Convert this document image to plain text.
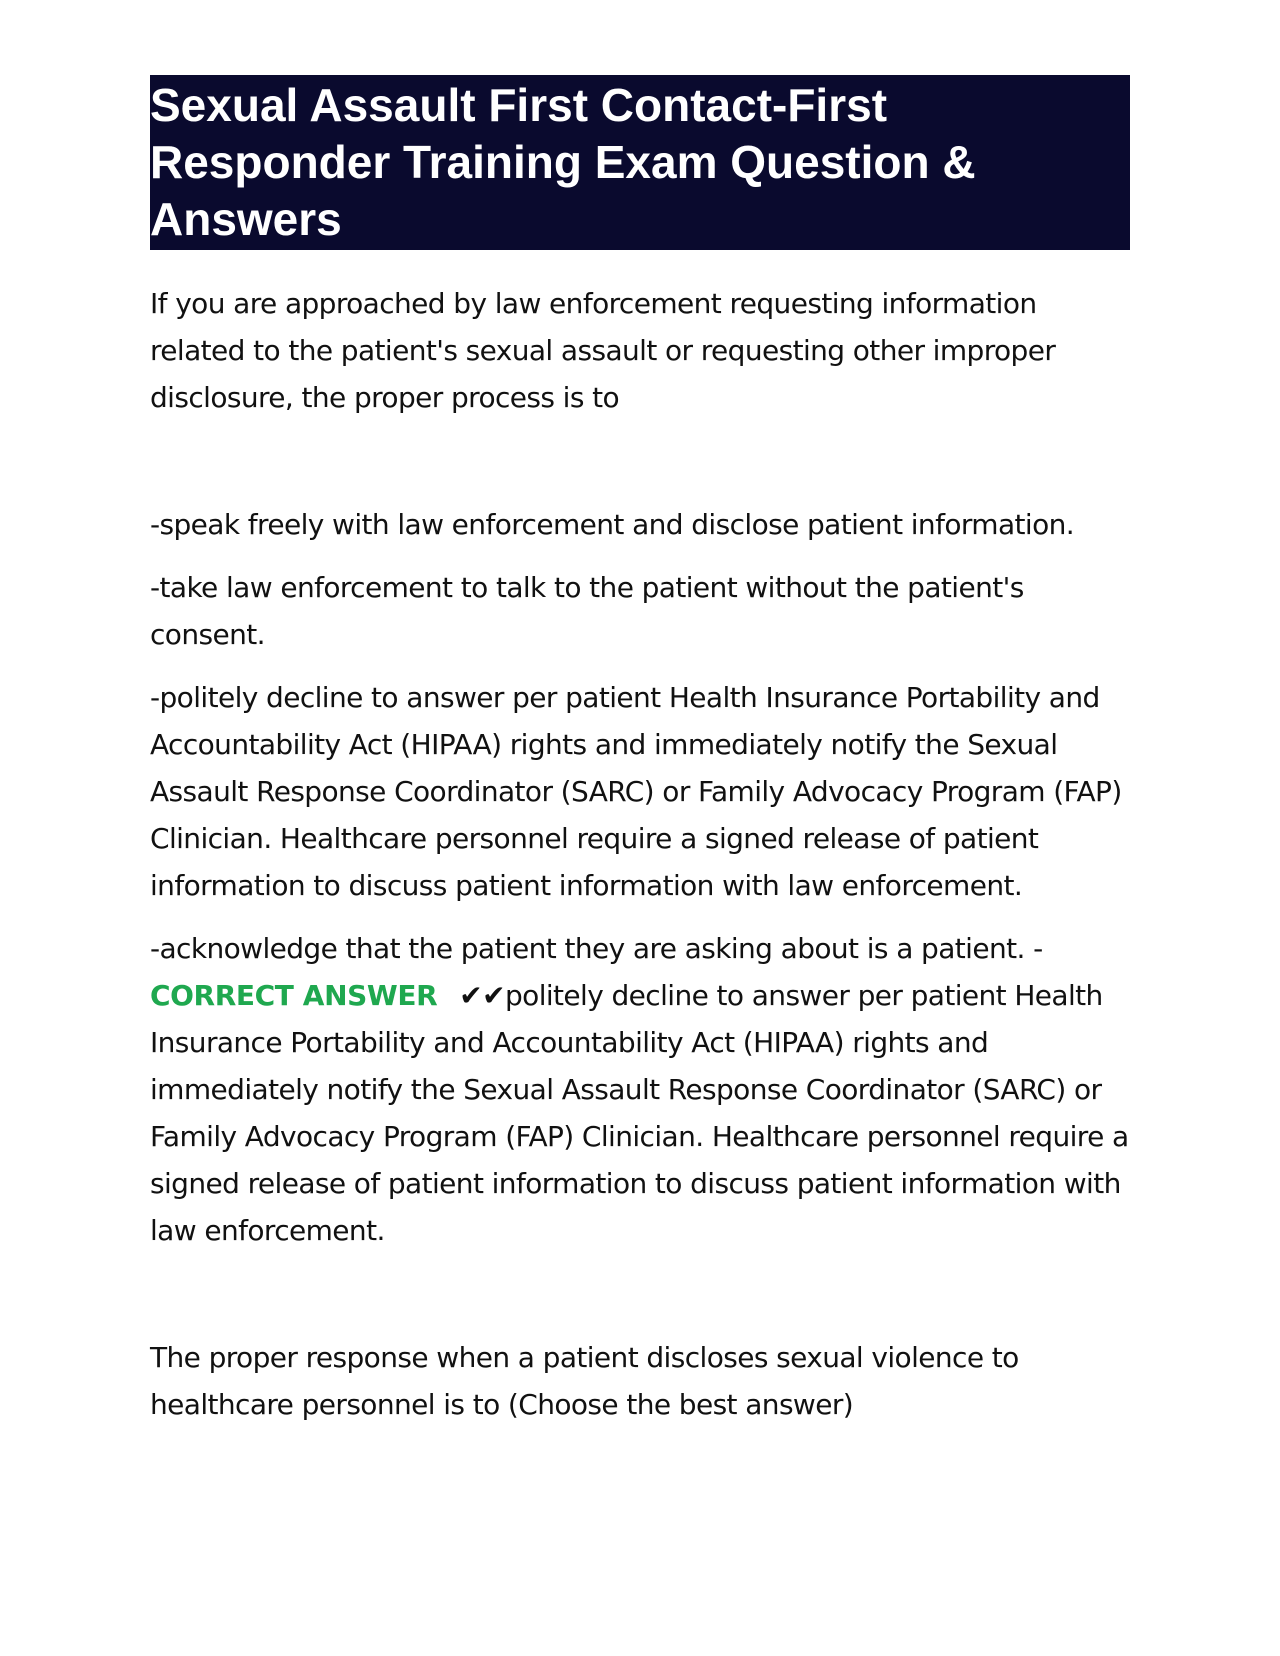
Sexual Assault First Contact-First Responder Training Exam Question & Answers

If you are approached by law enforcement requesting information related to the patient's sexual assault or requesting other improper disclosure, the proper process is to

-speak freely with law enforcement and disclose patient information.

-take law enforcement to talk to the patient without the patient's consent.

-politely decline to answer per patient Health Insurance Portability and Accountability Act (HIPAA) rights and immediately notify the Sexual Assault Response Coordinator (SARC) or Family Advocacy Program (FAP) Clinician. Healthcare personnel require a signed release of patient information to discuss patient information with law enforcement.

-acknowledge that the patient they are asking about is a patient. -

CORRECT ANSWER ✔✔politely decline to answer per patient Health Insurance Portability and Accountability Act (HIPAA) rights and immediately notify the Sexual Assault Response Coordinator (SARC) or Family Advocacy Program (FAP) Clinician. Healthcare personnel require a signed release of patient information to discuss patient information with law enforcement.

The proper response when a patient discloses sexual violence to healthcare personnel is to (Choose the best answer)
